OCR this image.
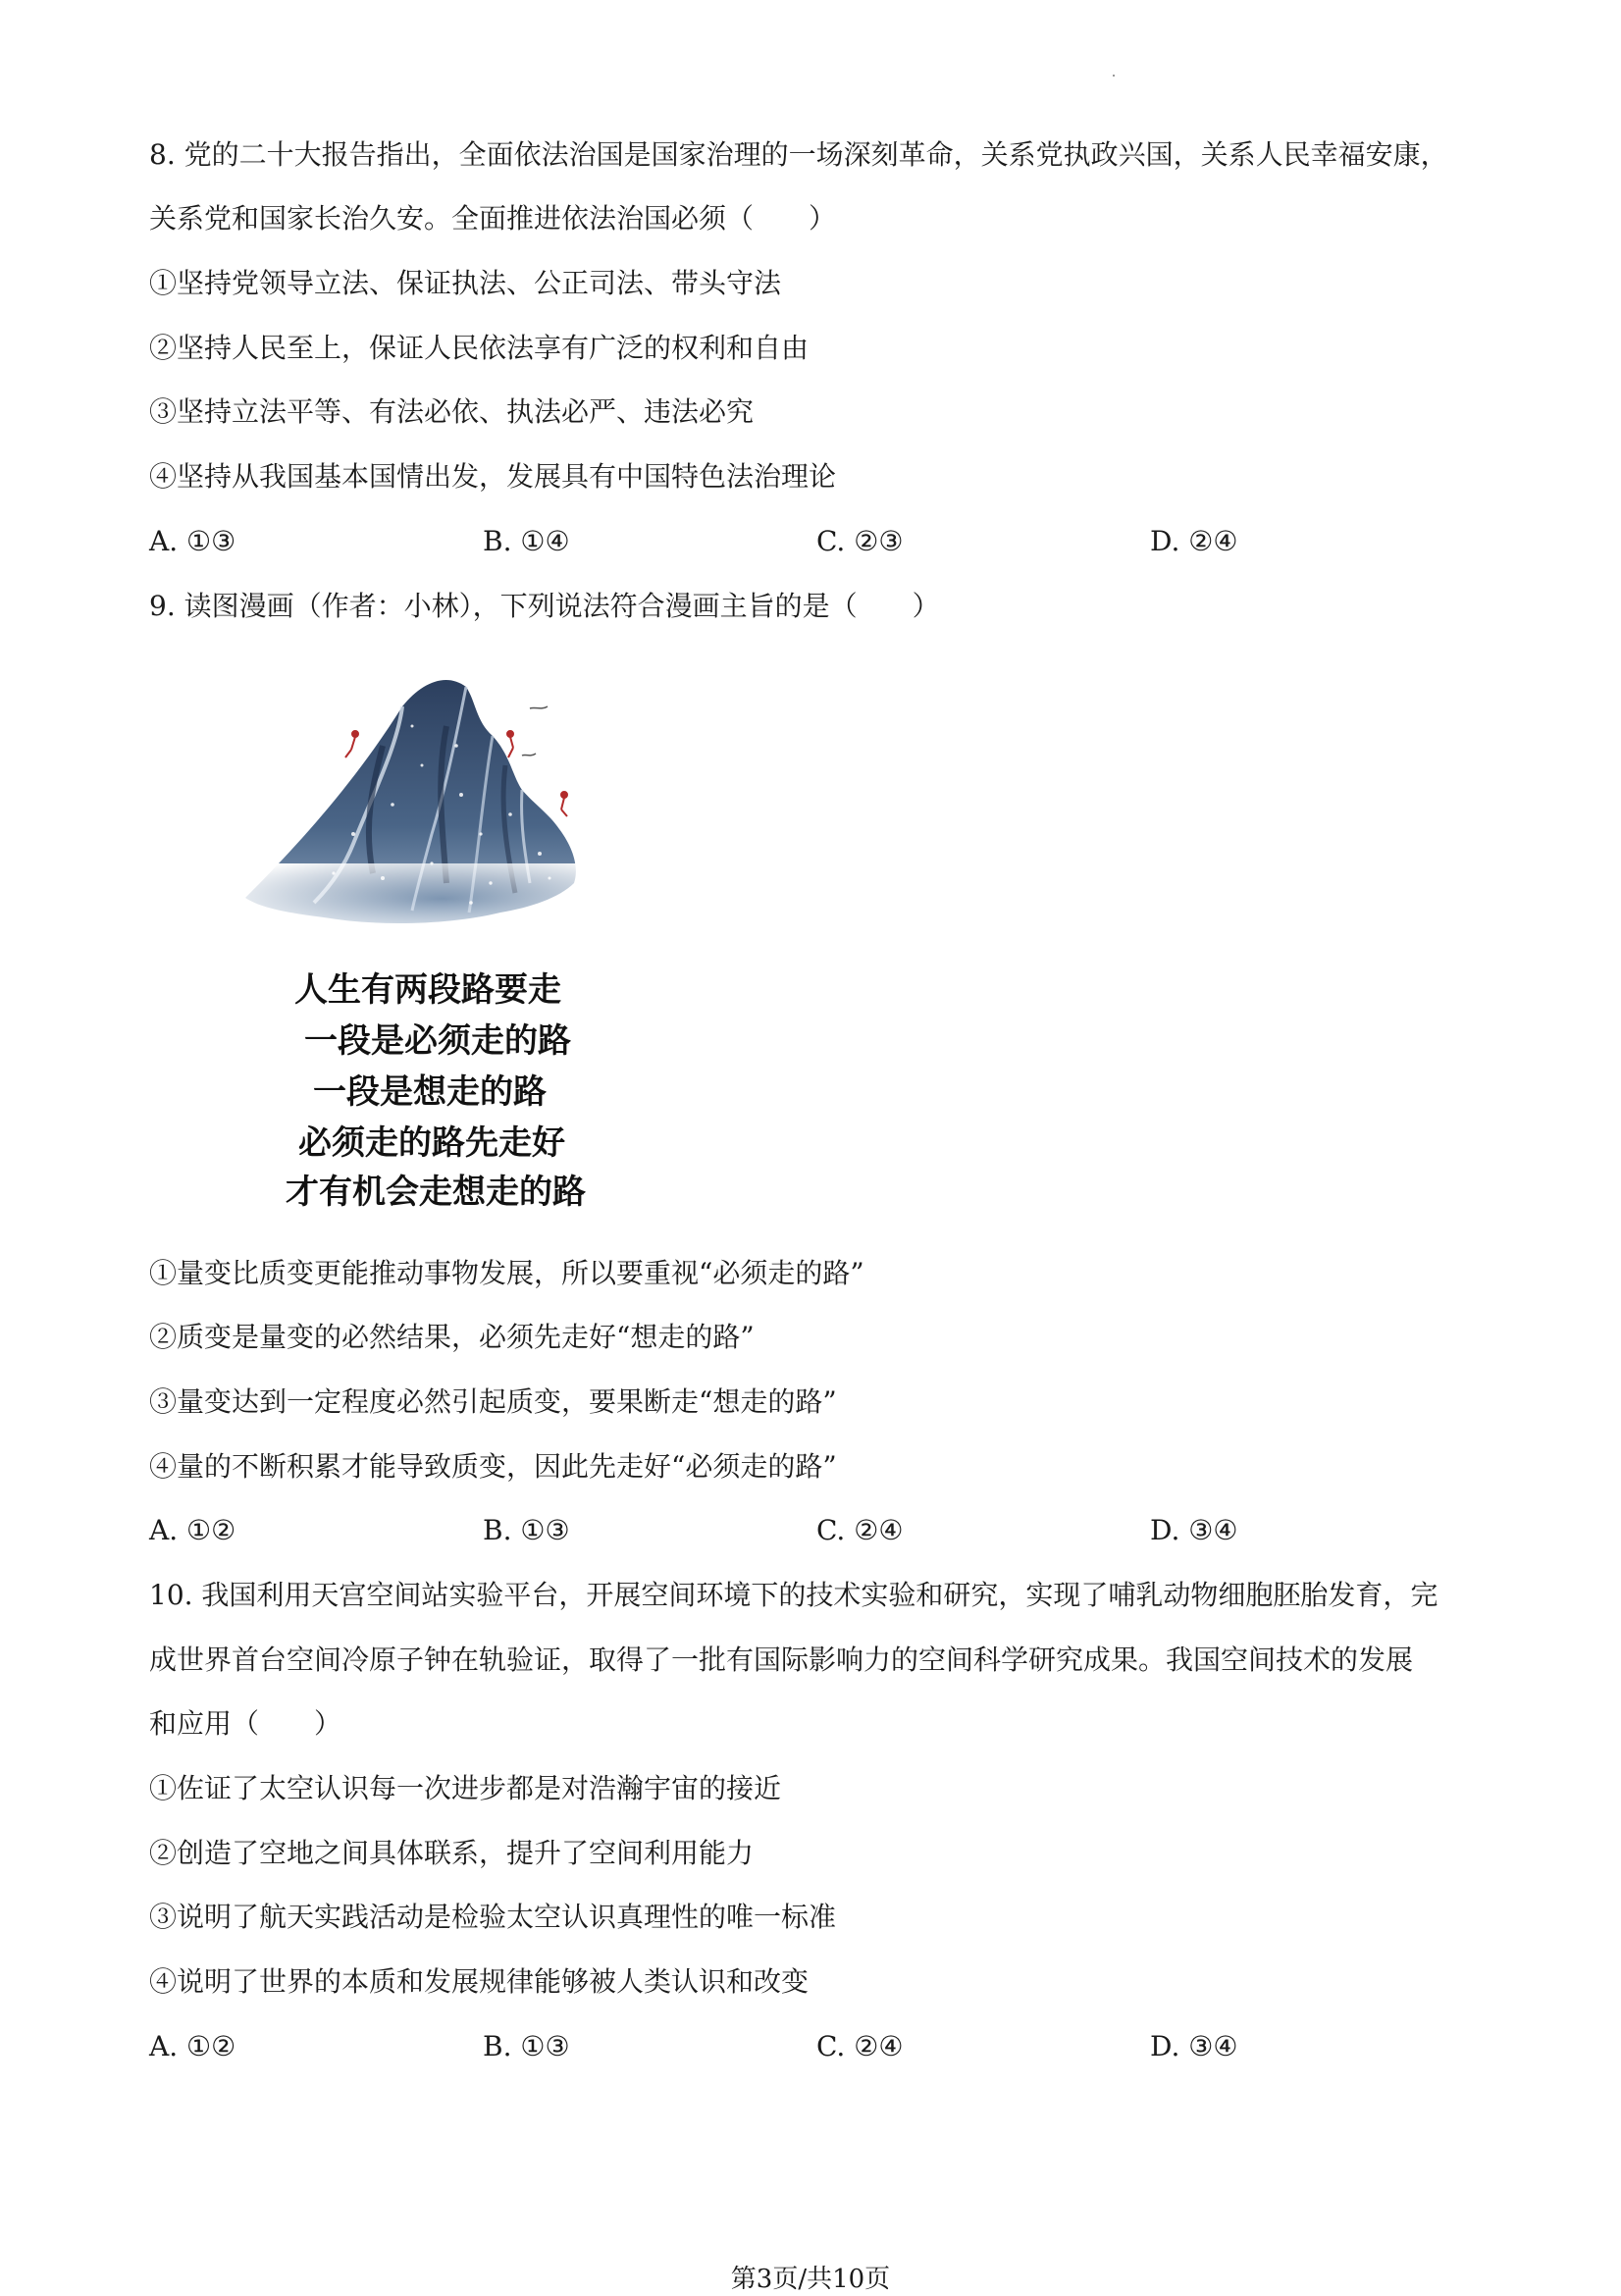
8. 党的二十大报告指出，全面依法治国是国家治理的一场深刻革命，关系党执政兴国，关系人民幸福安康，
关系党和国家长治久安。全面推进依法治国必须（　　）
①坚持党领导立法、保证执法、公正司法、带头守法
②坚持人民至上，保证人民依法享有广泛的权利和自由
③坚持立法平等、有法必依、执法必严、违法必究
④坚持从我国基本国情出发，发展具有中国特色法治理论
A. ①③	B. ①④	C. ②③	D. ②④
9. 读图漫画（作者：小林），下列说法符合漫画主旨的是（　　）
人生有两段路要走
一段是必须走的路
一段是想走的路
必须走的路先走好
才有机会走想走的路
①量变比质变更能推动事物发展，所以要重视“必须走的路”
②质变是量变的必然结果，必须先走好“想走的路”
③量变达到一定程度必然引起质变，要果断走“想走的路”
④量的不断积累才能导致质变，因此先走好“必须走的路”
A. ①②	B. ①③	C. ②④	D. ③④
10. 我国利用天宫空间站实验平台，开展空间环境下的技术实验和研究，实现了哺乳动物细胞胚胎发育，完
成世界首台空间冷原子钟在轨验证，取得了一批有国际影响力的空间科学研究成果。我国空间技术的发展
和应用（　　）
①佐证了太空认识每一次进步都是对浩瀚宇宙的接近
②创造了空地之间具体联系，提升了空间利用能力
③说明了航天实践活动是检验太空认识真理性的唯一标准
④说明了世界的本质和发展规律能够被人类认识和改变
A. ①②	B. ①③	C. ②④	D. ③④
第3页/共10页
